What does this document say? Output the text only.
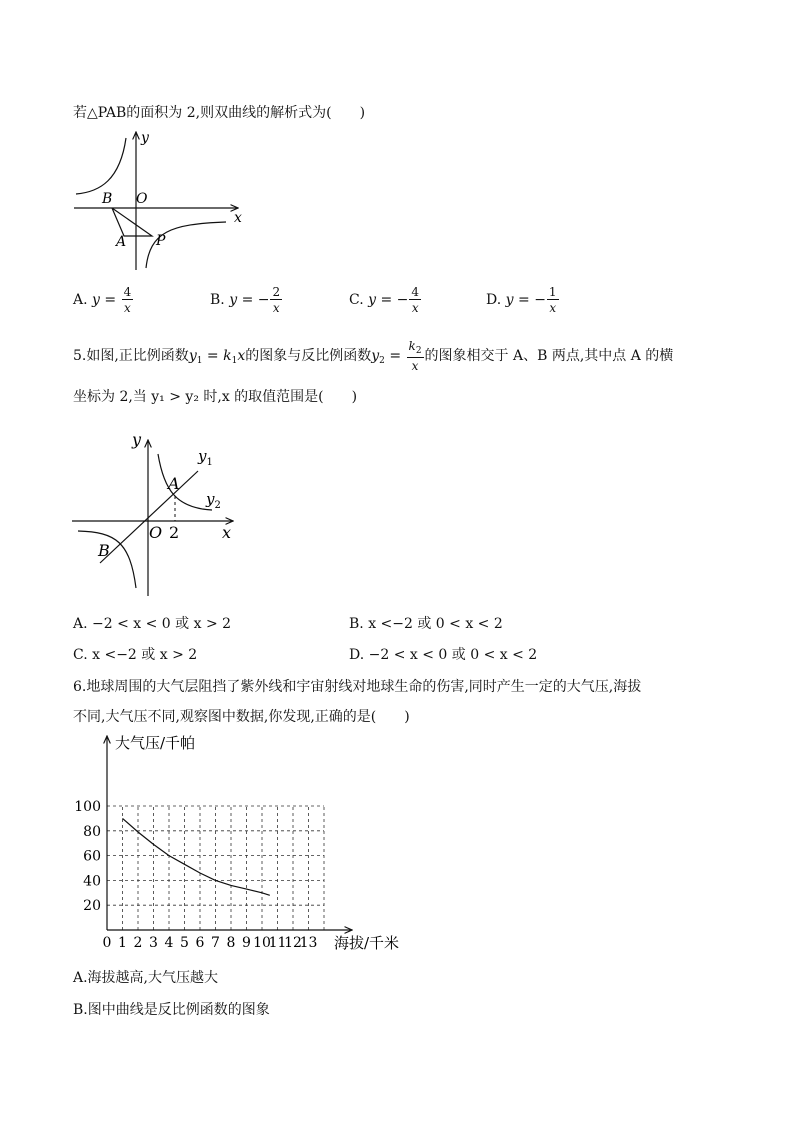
若△PAB的面积为 2,则双曲线的解析式为(　　)
y
x
O
B
A P
A. $y = \frac{4}{x}$	B. y = − $\frac{2}{x}$	C. y = − $\frac{4}{x}$	D. y = − $\frac{1}{x}$
5.如图,正比例函数$y_1 = k_1x$的图象与反比例函数$y_2 = \frac{k_2}{x}$ 的图象相交于 A、B 两点,其中点 A 的横
坐标为 2,当 y₁ > y₂ 时,x 的取值范围是(　　)
y
x
O 2
A
B
$y_1$
$y_2$
A. −2 < x < 0 或 x > 2	B. x <−2 或 0 < x < 2
C. x <−2 或 x > 2	D. −2 < x < 0 或 0 < x < 2
6.地球周围的大气层阻挡了紫外线和宇宙射线对地球生命的伤害,同时产生一定的大气压,海拔
不同,大气压不同,观察图中数据,你发现,正确的是(　　)
0 1 2 3 4 5 6 7 8 9 10
11
12
13
20
40
60
80
100
大气压/千帕
海拔/千米
A.海拔越高,大气压越大
B.图中曲线是反比例函数的图象
